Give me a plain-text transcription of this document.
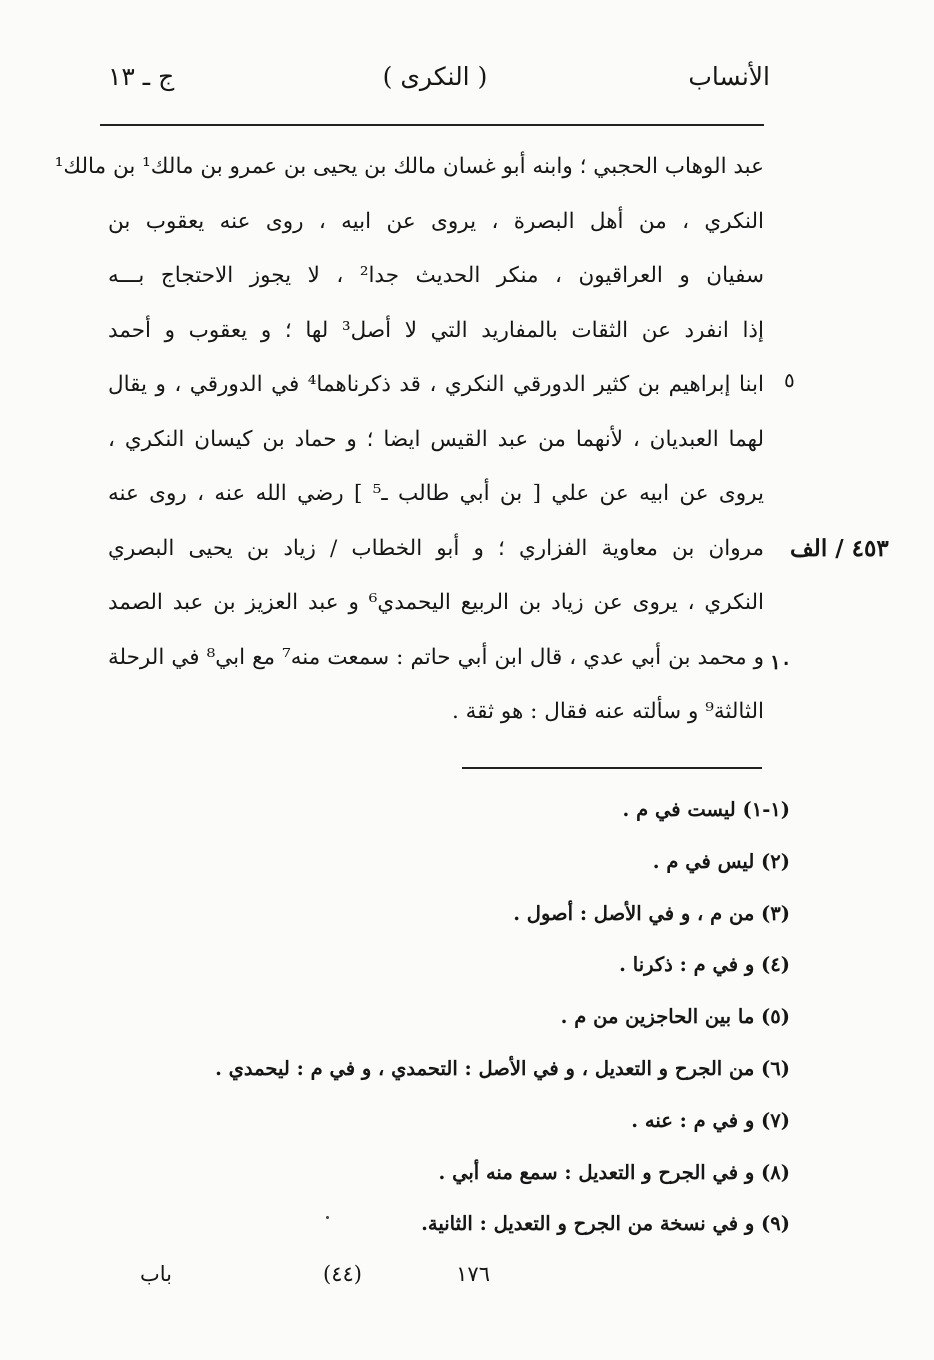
الأنساب
( النكرى )
ج ـ ١٣
عبد الوهاب الحجبي ؛ وابنه أبو غسان مالك بن يحيى بن عمرو بن مالك¹ بن مالك¹
النكري ، من أهل البصرة ، يروى عن ابيه ، روى عنه يعقوب بن
سفيان و العراقيون ، منكر الحديث جدا² ، لا يجوز الاحتجاج بـــه
إذا انفرد عن الثقات بالمفاريد التي لا أصل³ لها ؛ و يعقوب و أحمد
ابنا إبراهيم بن كثير الدورقي النكري ، قد ذكرناهما⁴ في الدورقي ، و يقال
لهما العبديان ، لأنهما من عبد القيس ايضا ؛ و حماد بن كيسان النكري ،
يروى عن ابيه عن علي [ بن أبي طالب ـ⁵ ] رضي الله عنه ، روى عنه
مروان بن معاوية الفزاري ؛ و أبو الخطاب / زياد بن يحيى البصري
النكري ، يروى عن زياد بن الربيع اليحمدي⁶ و عبد العزيز بن عبد الصمد
و محمد بن أبي عدي ، قال ابن أبي حاتم : سمعت منه⁷ مع ابي⁸ في الرحلة
الثالثة⁹ و سألته عنه فقال : هو ثقة .
٥
١٠
٤٥٣ / الف
(١-١) ليست في م .
(٢) ليس في م .
(٣) من م ، و في الأصل : أصول .
(٤) و في م : ذكرنا .
(٥) ما بين الحاجزين من م .
(٦) من الجرح و التعديل ، و في الأصل : التحمدي ، و في م : ليحمدي .
(٧) و في م : عنه .
(٨) و في الجرح و التعديل : سمع منه أبي .
(٩) و في نسخة من الجرح و التعديل : الثانية.
١٧٦
(٤٤)
باب
